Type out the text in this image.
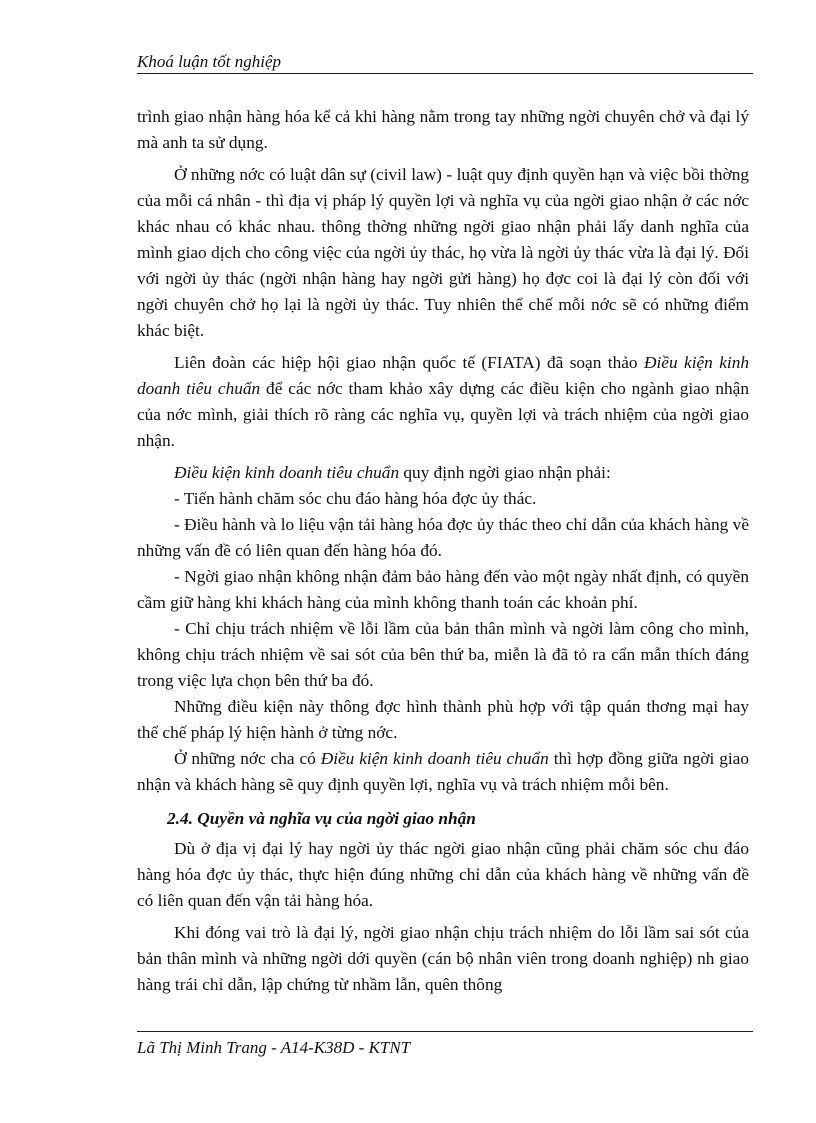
Khoá luận tốt nghiệp

trình giao nhận hàng hóa kể cả khi hàng nằm trong tay những ngời chuyên chở và đại lý mà anh ta sử dụng.

Ở những nớc có luật dân sự (civil law) - luật quy định quyền hạn và việc bồi thờng của mỗi cá nhân - thì địa vị pháp lý quyền lợi và nghĩa vụ của ngời giao nhận ở các nớc khác nhau có khác nhau. thông thờng những ngời giao nhận phải lấy danh nghĩa của mình giao dịch cho công việc của ngời ủy thác, họ vừa là ngời ủy thác vừa là đại lý. Đối với ngời ủy thác (ngời nhận hàng hay ngời gửi hàng) họ đợc coi là đại lý còn đối với ngời chuyên chở họ lại là ngời ủy thác. Tuy nhiên thể chế mỗi nớc sẽ có những điểm khác biệt.

Liên đoàn các hiệp hội giao nhận quốc tế (FIATA) đã soạn thảo Điều kiện kinh doanh tiêu chuẩn để các nớc tham khảo xây dựng các điều kiện cho ngành giao nhận của nớc mình, giải thích rõ ràng các nghĩa vụ, quyền lợi và trách nhiệm của ngời giao nhận.

Điều kiện kinh doanh tiêu chuẩn quy định ngời giao nhận phải:

- Tiến hành chăm sóc chu đáo hàng hóa đợc ủy thác.

- Điều hành và lo liệu vận tải hàng hóa đợc ủy thác theo chỉ dẫn của khách hàng về những vấn đề có liên quan đến hàng hóa đó.

- Ngời giao nhận không nhận đảm bảo hàng đến vào một ngày nhất định, có quyền cầm giữ hàng khi khách hàng của mình không thanh toán các khoản phí.

- Chỉ chịu trách nhiệm về lỗi lầm của bản thân mình và ngời làm công cho mình, không chịu trách nhiệm về sai sót của bên thứ ba, miễn là đã tỏ ra cẩn mẫn thích đáng trong việc lựa chọn bên thứ ba đó.

Những điều kiện này thông đợc hình thành phù hợp với tập quán thơng mại hay thể chế pháp lý hiện hành ở từng nớc.

Ở những nớc cha có Điều kiện kinh doanh tiêu chuẩn thì hợp đồng giữa ngời giao nhận và khách hàng sẽ quy định quyền lợi, nghĩa vụ và trách nhiệm mỗi bên.

2.4. Quyền và nghĩa vụ của ngời giao nhận

Dù ở địa vị đại lý hay ngời ủy thác ngời giao nhận cũng phải chăm sóc chu đáo hàng hóa đợc ủy thác, thực hiện đúng những chỉ dẫn của khách hàng về những vấn đề có liên quan đến vận tải hàng hóa.

Khi đóng vai trò là đại lý, ngời giao nhận chịu trách nhiệm do lỗi lầm sai sót của bản thân mình và những ngời dới quyền (cán bộ nhân viên trong doanh nghiệp) nh giao hàng trái chỉ dẫn, lập chứng từ nhầm lẫn, quên thông

Lã Thị Minh Trang - A14-K38D - KTNT
